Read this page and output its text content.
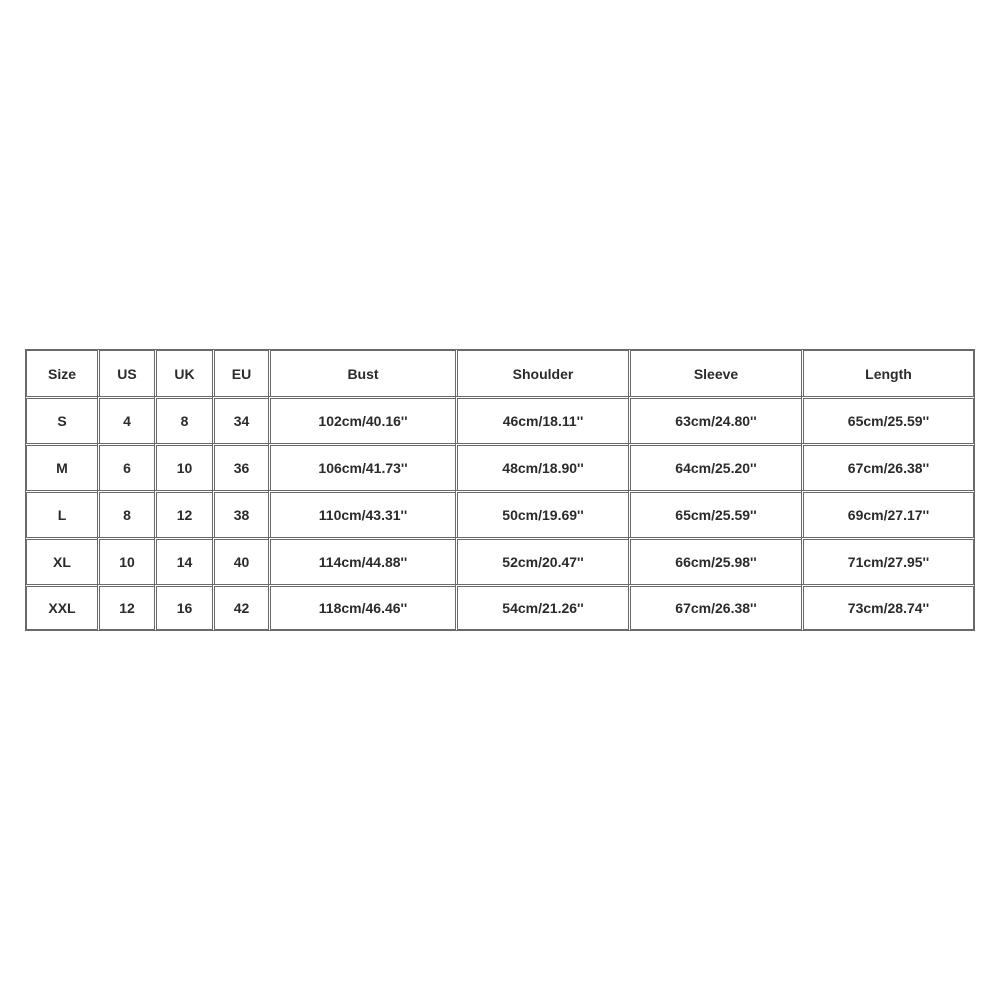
Size	US	UK	EU	Bust	Shoulder	Sleeve	Length
S	4	8	34	102cm/40.16''	46cm/18.11''	63cm/24.80''	65cm/25.59''
M	6	10	36	106cm/41.73''	48cm/18.90''	64cm/25.20''	67cm/26.38''
L	8	12	38	110cm/43.31''	50cm/19.69''	65cm/25.59''	69cm/27.17''
XL	10	14	40	114cm/44.88''	52cm/20.47''	66cm/25.98''	71cm/27.95''
XXL	12	16	42	118cm/46.46''	54cm/21.26''	67cm/26.38''	73cm/28.74''
